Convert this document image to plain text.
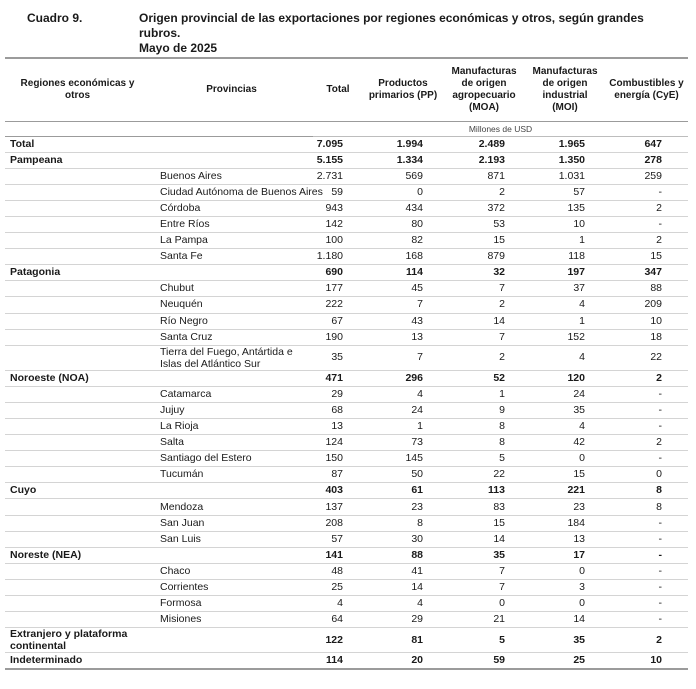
Cuadro 9.	Origen provincial de las exportaciones por regiones económicas y otros, según grandes rubros.
Mayo de 2025
Regiones económicas y otros	Provincias	Total	Productos primarios (PP)	Manufacturas de origen agropecuario (MOA)	Manufacturas de origen industrial (MOI)	Combustibles y energía (CyE)
		Millones de USD				
Total		7.095	1.994	2.489	1.965	647
Pampeana		5.155	1.334	2.193	1.350	278
	Buenos Aires	2.731	569	871	1.031	259
	Ciudad Autónoma de Buenos Aires	59	0	2	57	-
	Córdoba	943	434	372	135	2
	Entre Ríos	142	80	53	10	-
	La Pampa	100	82	15	1	2
	Santa Fe	1.180	168	879	118	15
Patagonia		690	114	32	197	347
	Chubut	177	45	7	37	88
	Neuquén	222	7	2	4	209
	Río Negro	67	43	14	1	10
	Santa Cruz	190	13	7	152	18
	Tierra del Fuego, Antártida e Islas del Atlántico Sur	35	7	2	4	22
Noroeste (NOA)		471	296	52	120	2
	Catamarca	29	4	1	24	-
	Jujuy	68	24	9	35	-
	La Rioja	13	1	8	4	-
	Salta	124	73	8	42	2
	Santiago del Estero	150	145	5	0	-
	Tucumán	87	50	22	15	0
Cuyo		403	61	113	221	8
	Mendoza	137	23	83	23	8
	San Juan	208	8	15	184	-
	San Luis	57	30	14	13	-
Noreste (NEA)		141	88	35	17	-
	Chaco	48	41	7	0	-
	Corrientes	25	14	7	3	-
	Formosa	4	4	0	0	-
	Misiones	64	29	21	14	-
Extranjero y plataforma continental		122	81	5	35	2
Indeterminado		114	20	59	25	10
